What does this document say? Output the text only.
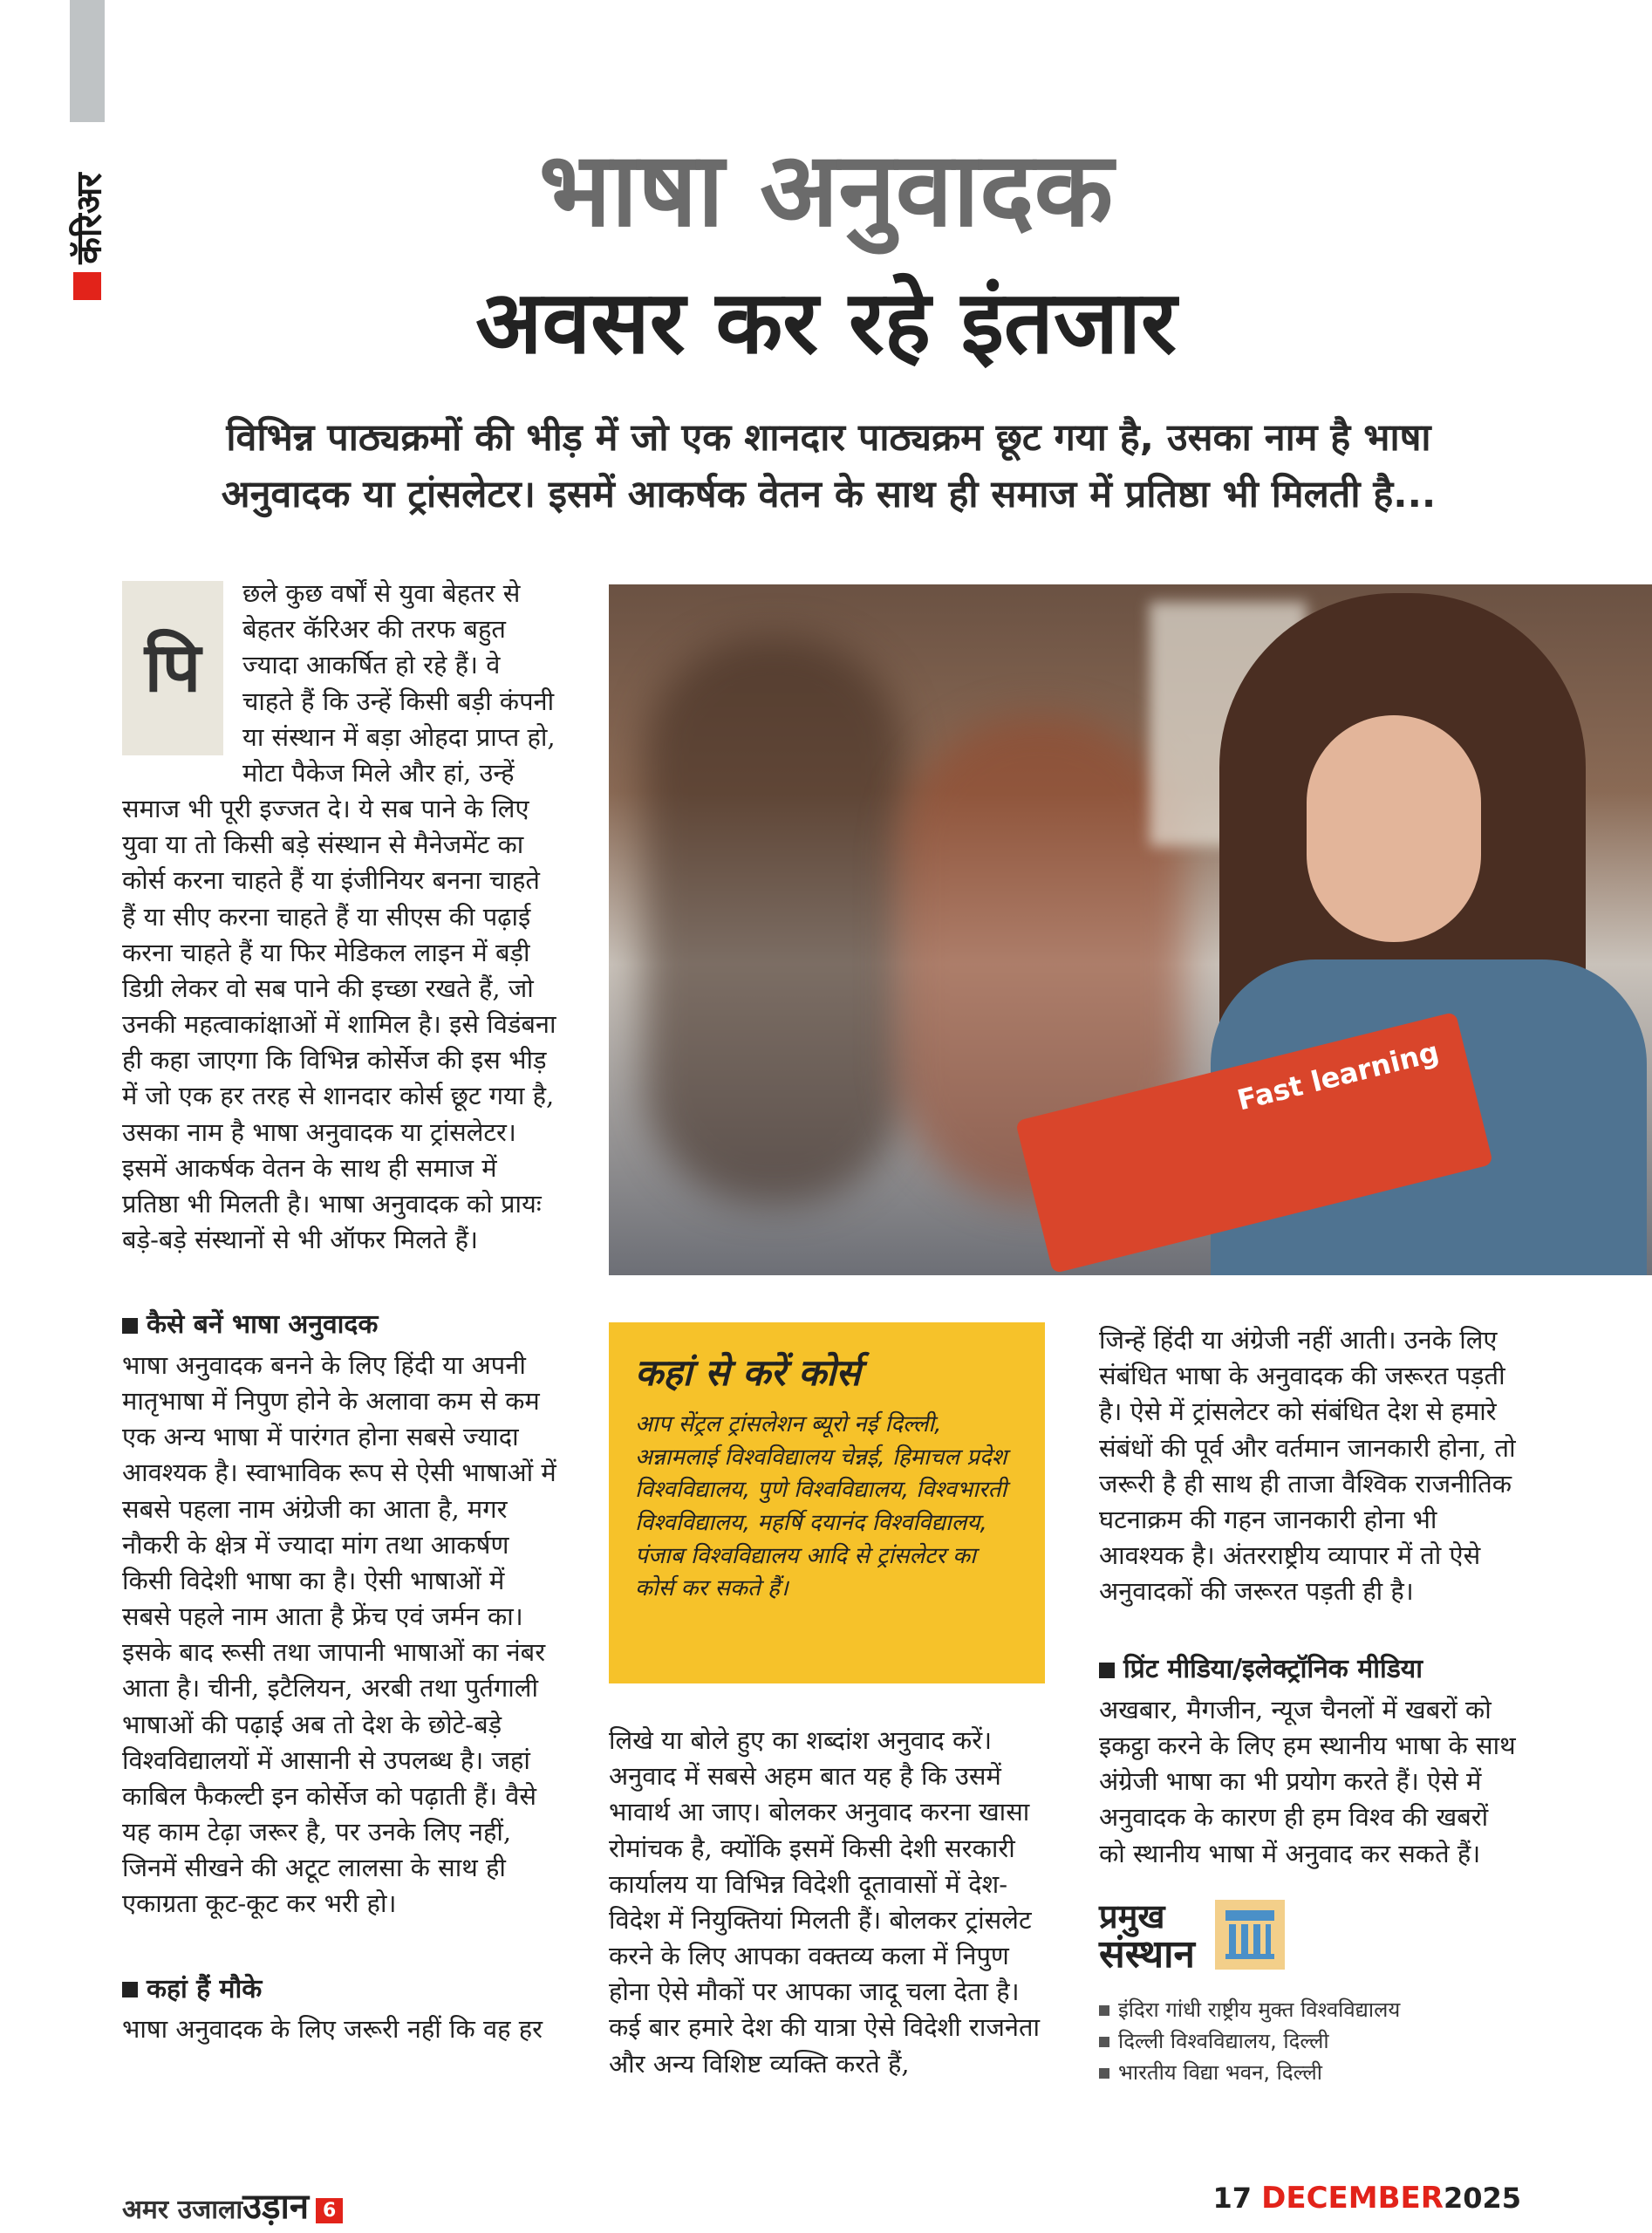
कॅरिअर	भाषा अनुवादक
अवसर कर रहे इंतजार
विभिन्न पाठ्यक्रमों की भीड़ में जो एक शानदार पाठ्यक्रम छूट गया है, उसका नाम है भाषा
अनुवादक या ट्रांसलेटर। इसमें आकर्षक वेतन के साथ ही समाज में प्रतिष्ठा भी मिलती है...
पि

छले कुछ वर्षों से युवा बेहतर से बेहतर कॅरिअर की तरफ बहुत ज्यादा आकर्षित हो रहे हैं। वे चाहते हैं कि उन्हें किसी बड़ी कंपनी या संस्थान में बड़ा ओहदा प्राप्त हो, मोटा पैकेज मिले और हां, उन्हें समाज भी पूरी इज्जत दे। ये सब पाने के लिए युवा या तो किसी बड़े संस्थान से मैनेजमेंट का कोर्स करना चाहते हैं या इंजीनियर बनना चाहते हैं या सीए करना चाहते हैं या सीएस की पढ़ाई करना चाहते हैं या फिर मेडिकल लाइन में बड़ी डिग्री लेकर वो सब पाने की इच्छा रखते हैं, जो उनकी महत्वाकांक्षाओं में शामिल है। इसे विडंबना ही कहा जाएगा कि विभिन्न कोर्सेज की इस भीड़ में जो एक हर तरह से शानदार कोर्स छूट गया है, उसका नाम है भाषा अनुवादक या ट्रांसलेटर। इसमें आकर्षक वेतन के साथ ही समाज में प्रतिष्ठा भी मिलती है। भाषा अनुवादक को प्रायः बड़े-बड़े संस्थानों से भी ऑफर मिलते हैं।

कैसे बनें भाषा अनुवादक

भाषा अनुवादक बनने के लिए हिंदी या अपनी मातृभाषा में निपुण होने के अलावा कम से कम एक अन्य भाषा में पारंगत होना सबसे ज्यादा आवश्यक है। स्वाभाविक रूप से ऐसी भाषाओं में सबसे पहला नाम अंग्रेजी का आता है, मगर नौकरी के क्षेत्र में ज्यादा मांग तथा आकर्षण किसी विदेशी भाषा का है। ऐसी भाषाओं में सबसे पहले नाम आता है फ्रेंच एवं जर्मन का। इसके बाद रूसी तथा जापानी भाषाओं का नंबर आता है। चीनी, इटैलियन, अरबी तथा पुर्तगाली भाषाओं की पढ़ाई अब तो देश के छोटे-बड़े विश्वविद्यालयों में आसानी से उपलब्ध है। जहां काबिल फैकल्टी इन कोर्सेज को पढ़ाती हैं। वैसे यह काम टेढ़ा जरूर है, पर उनके लिए नहीं, जिनमें सीखने की अटूट लालसा के साथ ही एकाग्रता कूट-कूट कर भरी हो।

कहां हैं मौके

भाषा अनुवादक के लिए जरूरी नहीं कि वह हर

Fast learning
कहां से करें कोर्स

आप सेंट्रल ट्रांसलेशन ब्यूरो नई दिल्ली, अन्नामलाई विश्वविद्यालय चेन्नई, हिमाचल प्रदेश विश्वविद्यालय, पुणे विश्वविद्यालय, विश्वभारती विश्वविद्यालय, महर्षि दयानंद विश्वविद्यालय, पंजाब विश्वविद्यालय आदि से ट्रांसलेटर का कोर्स कर सकते हैं।

लिखे या बोले हुए का शब्दांश अनुवाद करें। अनुवाद में सबसे अहम बात यह है कि उसमें भावार्थ आ जाए। बोलकर अनुवाद करना खासा रोमांचक है, क्योंकि इसमें किसी देशी सरकारी कार्यालय या विभिन्न विदेशी दूतावासों में देश-विदेश में नियुक्तियां मिलती हैं। बोलकर ट्रांसलेट करने के लिए आपका वक्तव्य कला में निपुण होना ऐसे मौकों पर आपका जादू चला देता है। कई बार हमारे देश की यात्रा ऐसे विदेशी राजनेता और अन्य विशिष्ट व्यक्ति करते हैं,

जिन्हें हिंदी या अंग्रेजी नहीं आती। उनके लिए संबंधित भाषा के अनुवादक की जरूरत पड़ती है। ऐसे में ट्रांसलेटर को संबंधित देश से हमारे संबंधों की पूर्व और वर्तमान जानकारी होना, तो जरूरी है ही साथ ही ताजा वैश्विक राजनीतिक घटनाक्रम की गहन जानकारी होना भी आवश्यक है। अंतरराष्ट्रीय व्यापार में तो ऐसे अनुवादकों की जरूरत पड़ती ही है।

प्रिंट मीडिया/इलेक्ट्रॉनिक मीडिया

अखबार, मैगजीन, न्यूज चैनलों में खबरों को इकट्ठा करने के लिए हम स्थानीय भाषा के साथ अंग्रेजी भाषा का भी प्रयोग करते हैं। ऐसे में अनुवादक के कारण ही हम विश्व की खबरों को स्थानीय भाषा में अनुवाद कर सकते हैं।

प्रमुख
संस्थान
इंदिरा गांधी राष्ट्रीय मुक्त विश्वविद्यालय
दिल्ली विश्वविद्यालय, दिल्ली
भारतीय विद्या भवन, दिल्ली
अमर उजालाउड़ान 6	17 DECEMBER2025
